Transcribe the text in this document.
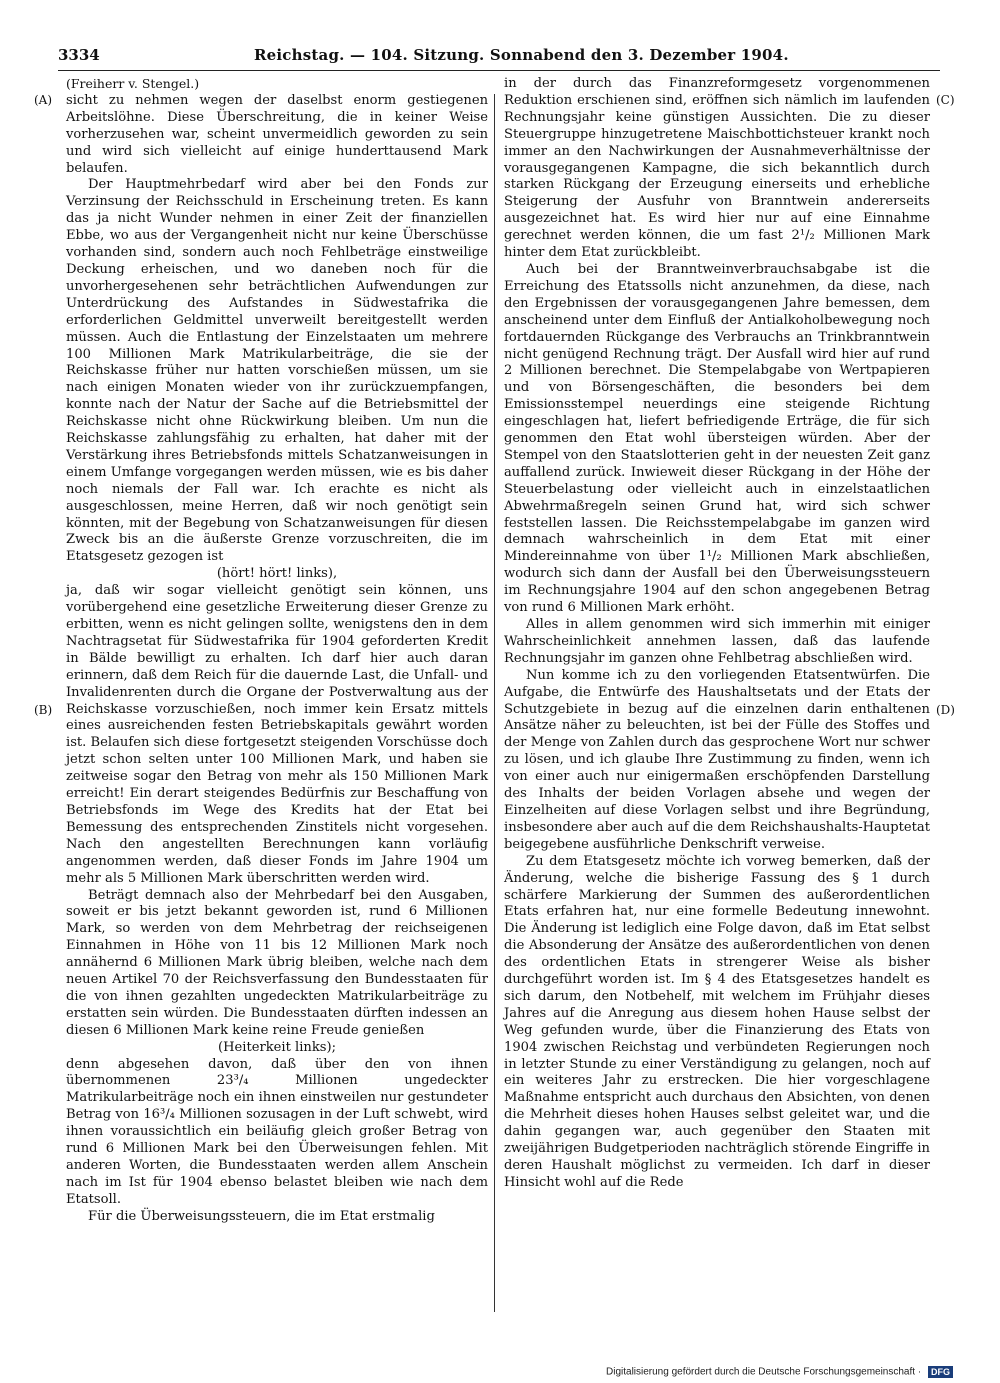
3334	Reichstag. — 104. Sitzung. Sonnabend den 3. Dezember 1904.
(A)
(B)
(C)
(D)

(Freiherr v. Stengel.)

sicht zu nehmen wegen der daselbst enorm gestiegenen Arbeitslöhne. Diese Überschreitung, die in keiner Weise vorherzusehen war, scheint unvermeidlich geworden zu sein und wird sich vielleicht auf einige hunderttausend Mark belaufen.

Der Hauptmehrbedarf wird aber bei den Fonds zur Verzinsung der Reichsschuld in Erscheinung treten. Es kann das ja nicht Wunder nehmen in einer Zeit der finanziellen Ebbe, wo aus der Vergangenheit nicht nur keine Überschüsse vorhanden sind, sondern auch noch Fehlbeträge einstweilige Deckung erheischen, und wo daneben noch für die unvorhergesehenen sehr beträchtlichen Aufwendungen zur Unterdrückung des Aufstandes in Südwestafrika die erforderlichen Geldmittel unverweilt bereitgestellt werden müssen. Auch die Entlastung der Einzelstaaten um mehrere 100 Millionen Mark Matrikularbeiträge, die sie der Reichskasse früher nur hatten vorschießen müssen, um sie nach einigen Monaten wieder von ihr zurückzuempfangen, konnte nach der Natur der Sache auf die Betriebsmittel der Reichskasse nicht ohne Rückwirkung bleiben. Um nun die Reichskasse zahlungsfähig zu erhalten, hat daher mit der Verstärkung ihres Betriebsfonds mittels Schatzanweisungen in einem Umfange vorgegangen werden müssen, wie es bis daher noch niemals der Fall war. Ich erachte es nicht als ausgeschlossen, meine Herren, daß wir noch genötigt sein könnten, mit der Begebung von Schatzanweisungen für diesen Zweck bis an die äußerste Grenze vorzuschreiten, die im Etatsgesetz gezogen ist

(hört! hört! links),

ja, daß wir sogar vielleicht genötigt sein können, uns vorübergehend eine gesetzliche Erweiterung dieser Grenze zu erbitten, wenn es nicht gelingen sollte, wenigstens den in dem Nachtragsetat für Südwestafrika für 1904 geforderten Kredit in Bälde bewilligt zu erhalten. Ich darf hier auch daran erinnern, daß dem Reich für die dauernde Last, die Unfall- und Invalidenrenten durch die Organe der Postverwaltung aus der Reichskasse vorzuschießen, noch immer kein Ersatz mittels eines ausreichenden festen Betriebskapitals gewährt worden ist. Belaufen sich diese fortgesetzt steigenden Vorschüsse doch jetzt schon selten unter 100 Millionen Mark, und haben sie zeitweise sogar den Betrag von mehr als 150 Millionen Mark erreicht! Ein derart steigendes Bedürfnis zur Beschaffung von Betriebsfonds im Wege des Kredits hat der Etat bei Bemessung des entsprechenden Zinstitels nicht vorgesehen. Nach den angestellten Berechnungen kann vorläufig angenommen werden, daß dieser Fonds im Jahre 1904 um mehr als 5 Millionen Mark überschritten werden wird.

Beträgt demnach also der Mehrbedarf bei den Ausgaben, soweit er bis jetzt bekannt geworden ist, rund 6 Millionen Mark, so werden von dem Mehrbetrag der reichseigenen Einnahmen in Höhe von 11 bis 12 Millionen Mark noch annähernd 6 Millionen Mark übrig bleiben, welche nach dem neuen Artikel 70 der Reichsverfassung den Bundesstaaten für die von ihnen gezahlten ungedeckten Matrikularbeiträge zu erstatten sein würden. Die Bundesstaaten dürften indessen an diesen 6 Millionen Mark keine reine Freude genießen

(Heiterkeit links);

denn abgesehen davon, daß über den von ihnen übernommenen 23³/₄ Millionen ungedeckter Matrikularbeiträge noch ein ihnen einstweilen nur gestundeter Betrag von 16³/₄ Millionen sozusagen in der Luft schwebt, wird ihnen voraussichtlich ein beiläufig gleich großer Betrag von rund 6 Millionen Mark bei den Überweisungen fehlen. Mit anderen Worten, die Bundesstaaten werden allem Anschein nach im Ist für 1904 ebenso belastet bleiben wie nach dem Etatsoll.

Für die Überweisungssteuern, die im Etat erstmalig

in der durch das Finanzreformgesetz vorgenommenen Reduktion erschienen sind, eröffnen sich nämlich im laufenden Rechnungsjahr keine günstigen Aussichten. Die zu dieser Steuergruppe hinzugetretene Maischbottichsteuer krankt noch immer an den Nachwirkungen der Ausnahmeverhältnisse der vorausgegangenen Kampagne, die sich bekanntlich durch starken Rückgang der Erzeugung einerseits und erhebliche Steigerung der Ausfuhr von Branntwein andererseits ausgezeichnet hat. Es wird hier nur auf eine Einnahme gerechnet werden können, die um fast 2¹/₂ Millionen Mark hinter dem Etat zurückbleibt.

Auch bei der Branntweinverbrauchsabgabe ist die Erreichung des Etatssolls nicht anzunehmen, da diese, nach den Ergebnissen der vorausgegangenen Jahre bemessen, dem anscheinend unter dem Einfluß der Antialkoholbewegung noch fortdauernden Rückgange des Verbrauchs an Trinkbranntwein nicht genügend Rechnung trägt. Der Ausfall wird hier auf rund 2 Millionen berechnet. Die Stempelabgabe von Wertpapieren und von Börsengeschäften, die besonders bei dem Emissionsstempel neuerdings eine steigende Richtung eingeschlagen hat, liefert befriedigende Erträge, die für sich genommen den Etat wohl übersteigen würden. Aber der Stempel von den Staatslotterien geht in der neuesten Zeit ganz auffallend zurück. Inwieweit dieser Rückgang in der Höhe der Steuerbelastung oder vielleicht auch in einzelstaatlichen Abwehrmaßregeln seinen Grund hat, wird sich schwer feststellen lassen. Die Reichsstempelabgabe im ganzen wird demnach wahrscheinlich in dem Etat mit einer Mindereinnahme von über 1¹/₂ Millionen Mark abschließen, wodurch sich dann der Ausfall bei den Überweisungssteuern im Rechnungsjahre 1904 auf den schon angegebenen Betrag von rund 6 Millionen Mark erhöht.

Alles in allem genommen wird sich immerhin mit einiger Wahrscheinlichkeit annehmen lassen, daß das laufende Rechnungsjahr im ganzen ohne Fehlbetrag abschließen wird.

Nun komme ich zu den vorliegenden Etatsentwürfen. Die Aufgabe, die Entwürfe des Haushaltsetats und der Etats der Schutzgebiete in bezug auf die einzelnen darin enthaltenen Ansätze näher zu beleuchten, ist bei der Fülle des Stoffes und der Menge von Zahlen durch das gesprochene Wort nur schwer zu lösen, und ich glaube Ihre Zustimmung zu finden, wenn ich von einer auch nur einigermaßen erschöpfenden Darstellung des Inhalts der beiden Vorlagen absehe und wegen der Einzelheiten auf diese Vorlagen selbst und ihre Begründung, insbesondere aber auch auf die dem Reichshaushalts-Hauptetat beigegebene ausführliche Denkschrift verweise.

Zu dem Etatsgesetz möchte ich vorweg bemerken, daß der Änderung, welche die bisherige Fassung des § 1 durch schärfere Markierung der Summen des außerordentlichen Etats erfahren hat, nur eine formelle Bedeutung innewohnt. Die Änderung ist lediglich eine Folge davon, daß im Etat selbst die Absonderung der Ansätze des außerordentlichen von denen des ordentlichen Etats in strengerer Weise als bisher durchgeführt worden ist. Im § 4 des Etatsgesetzes handelt es sich darum, den Notbehelf, mit welchem im Frühjahr dieses Jahres auf die Anregung aus diesem hohen Hause selbst der Weg gefunden wurde, über die Finanzierung des Etats von 1904 zwischen Reichstag und verbündeten Regierungen noch in letzter Stunde zu einer Verständigung zu gelangen, noch auf ein weiteres Jahr zu erstrecken. Die hier vorgeschlagene Maßnahme entspricht auch durchaus den Absichten, von denen die Mehrheit dieses hohen Hauses selbst geleitet war, und die dahin gegangen war, auch gegenüber den Staaten mit zweijährigen Budgetperioden nachträglich störende Eingriffe in deren Haushalt möglichst zu vermeiden. Ich darf in dieser Hinsicht wohl auf die Rede

Digitalisierung gefördert durch die Deutsche Forschungsgemeinschaft · DFG
